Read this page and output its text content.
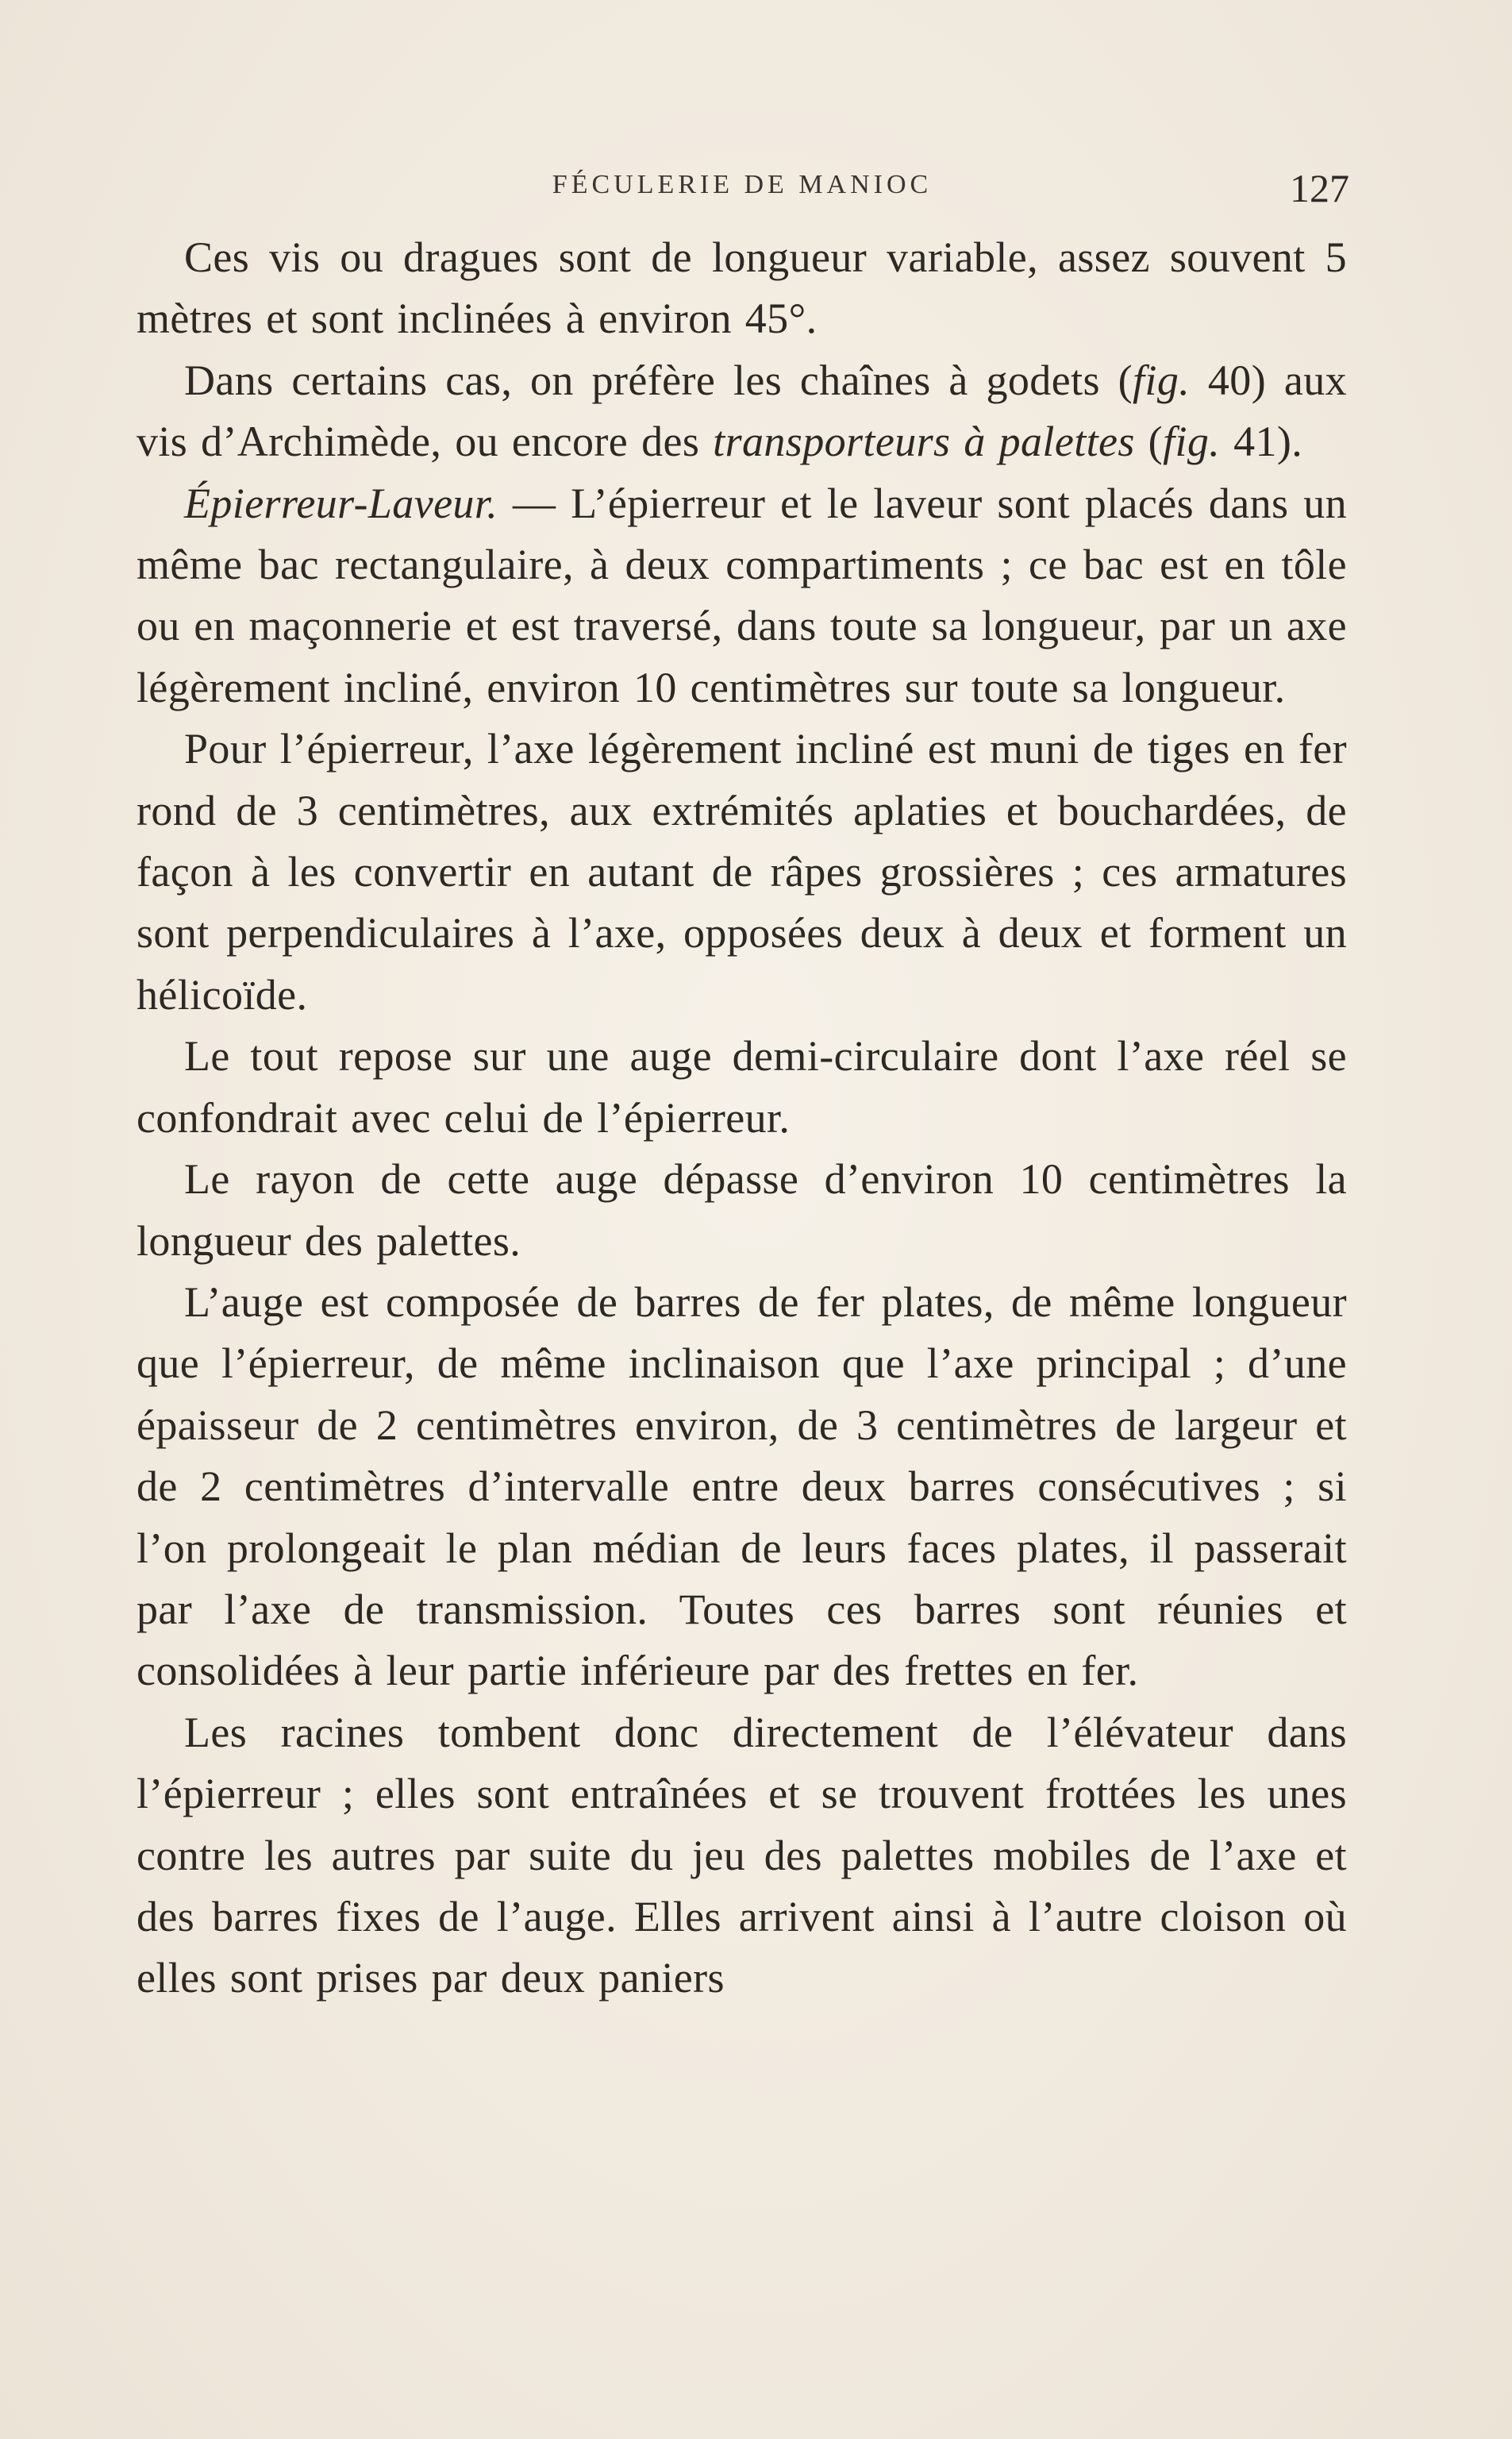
FÉCULERIE DE MANIOC	127

Ces vis ou dragues sont de longueur variable, assez souvent 5 mètres et sont inclinées à environ 45°.

Dans certains cas, on préfère les chaînes à godets (fig. 40) aux vis d’Archimède, ou encore des transporteurs à palettes (fig. 41).

Épierreur-Laveur. — L’épierreur et le laveur sont placés dans un même bac rectangulaire, à deux compartiments ; ce bac est en tôle ou en maçonnerie et est traversé, dans toute sa longueur, par un axe légèrement incliné, environ 10 centimètres sur toute sa longueur.

Pour l’épierreur, l’axe légèrement incliné est muni de tiges en fer rond de 3 centimètres, aux extrémités aplaties et bouchardées, de façon à les convertir en autant de râpes grossières ; ces armatures sont perpendiculaires à l’axe, opposées deux à deux et forment un hélicoïde.

Le tout repose sur une auge demi-circulaire dont l’axe réel se confondrait avec celui de l’épierreur.

Le rayon de cette auge dépasse d’environ 10 centimètres la longueur des palettes.

L’auge est composée de barres de fer plates, de même longueur que l’épierreur, de même inclinaison que l’axe principal ; d’une épaisseur de 2 centimètres environ, de 3 centimètres de largeur et de 2 centimètres d’intervalle entre deux barres consécutives ; si l’on prolongeait le plan médian de leurs faces plates, il passerait par l’axe de transmission. Toutes ces barres sont réunies et consolidées à leur partie inférieure par des frettes en fer.

Les racines tombent donc directement de l’élévateur dans l’épierreur ; elles sont entraînées et se trouvent frottées les unes contre les autres par suite du jeu des palettes mobiles de l’axe et des barres fixes de l’auge. Elles arrivent ainsi à l’autre cloison où elles sont prises par deux paniers
